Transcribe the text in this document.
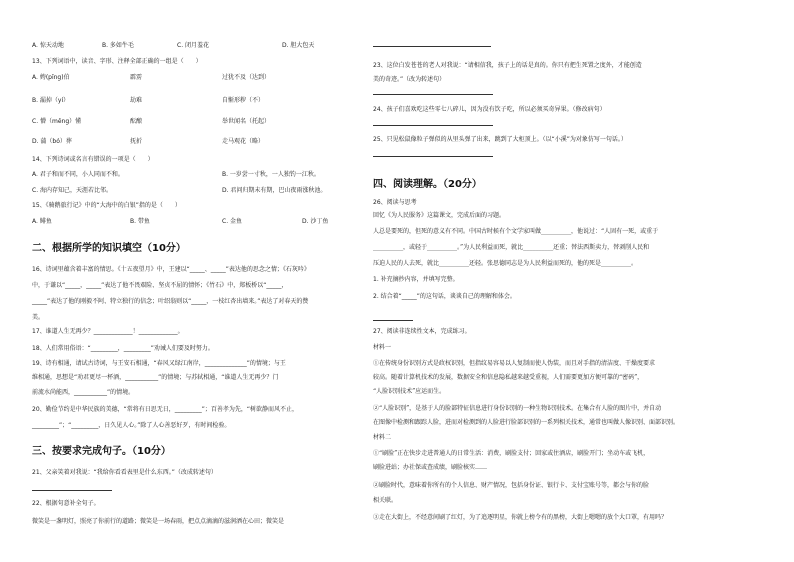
A. 惊天动地	B. 多如牛毛	C. 闭月羞花	D. 胆大包天
13、下列词语中，读音、字形、注释全部正确的一组是（　　）
A. 娉(pīng)伯	霹雳	过犹不及（达到）
B. 漏掉（yí）	劫难	自惭形秽（不）
C. 懵（měng）懂	酝酿	举世闻名（托起）
D. 蒲（bó）葬	抚折	走马观花（略）
14、下列诗词或名言有错误的一项是（　　）
A. 君子和而不同，小人同而不和。	B. 一岁尝一寸秋，一人独钓一江秋。
C. 海内存知己，天涯若比邻。	D. 君问归期未有期，巴山夜雨涨秋池。
15、《骑鹅旅行记》中的“大海中的白银”指的是（　　）
A. 鲱鱼	B. 带鱼	C. 金鱼	D. 沙丁鱼
二、根据所学的知识填空（10分）
16、诗词里蕴含着丰富的情思。《十五夜望月》中，王建以“_____、_____”表达他的思念之情；《石灰吟》
中，于谦以“_____，_____”表达了他不畏艰险、坚贞不屈的情怀；《竹石》中，郑板桥以“_____，
_____”表达了他的刚毅不阿、特立独行的信念；叶绍翁则以“_____，一枝红杏出墙来。”表达了对春天的赞
美。
17、谁道人生无再少？_____________！_____________。
18、人们常用俗语：“_________，_________”劝诫人们要及时努力。
19、诗有相通，请试古诗词，与王安石相通，“春风又绿江南岸，______________”的情境；与王
维相通，思想是“劝君更尽一杯酒，___________”的情境；与苏轼相通，“谁道人生无再少？门
前流水尚能西，___________”的情境。
20、勤俭节约是中华民族的美德，“常将有日思无日，_________”；百善孝为先，“树欲静而风不止，
_________”；“_________，日久见人心。”除了人心善恶好歹，有时间检验。
三、按要求完成句子。（10分）
21、父亲笑着对我说：“我给你看看表里是什么东西。”（改成转述句）
22、根据句意补全句子。
微笑是一盏明灯，照亮了你前行的道路；微笑是一场春雨，把点点滴滴的滋润洒在心田；微笑是
23、这位白发苍苍的老人对我说：“请相信我，孩子上的话是真的。你只有把生死置之度外，才能创造
美的奇迹。”（改为转述句）
24、孩子们喜欢吃这些零七八碎儿，因为没有饮子吃，所以必须买奇异果。（修改病句）
25、只见松鼠像粒子弹似的从里头弹了出来，跳到了大柜顶上。（以“小溪”为对象仿写一句话。）
四、阅读理解。（20分）
26、阅读与思考
回忆《为人民服务》这篇课文，完成后面的习题。
人总是要死的，但死的意义有不同。中国古时候有个文学家叫做__________，他说过：“人固有一死，或重于
__________，或轻于__________。”为人民利益而死，就比__________还重；替法西斯卖力，替剥削人民和
压迫人民的人去死，就比__________还轻。张思德同志是为人民利益而死的，他的死是__________。
1. 补充摘抄内容，并填写完整。
2. 结合着“_____”的这句话，谈谈自己的理解和体会。
27、阅读非连续性文本，完成练习。
材料一
①在传统身份识别方式是政权识别，但指纹易容易以人复制而使人伪装，而且对手指的清洁度、干燥度要求
较高。随着计算机技术的发展，数据安全和信息隐私越来越受重视，人们需要更加方便可靠的“密码”，
“人脸识别技术”应运而生。
②“人脸识别”，是基于人的脸部特征信息进行身份识别的一种生物识别技术。在集合有人脸的图片中，并自动
在图像中检测和跟踪人脸，进而对检测到的人脸进行脸部识别的一系列相关技术，通常也叫做人像识别、面部识别。
材料二
①“刷脸”正在快步走进普通人的日常生活：消费，刷脸支付；回家或住酒店，刷脸开门；坐动车或飞机，
刷脸进站；办社保或查成绩，刷脸核实……
②刷脸时代，意味着你所有的个人信息、财产情况，包括身份证、银行卡、支付宝账号等，都会与你的脸
相关联。
③走在大街上，不经意间刷了红灯，为了追逐明星，你就上榜令有的黑榜，大街上嗯嗯的放个大口罩，有用吗？
